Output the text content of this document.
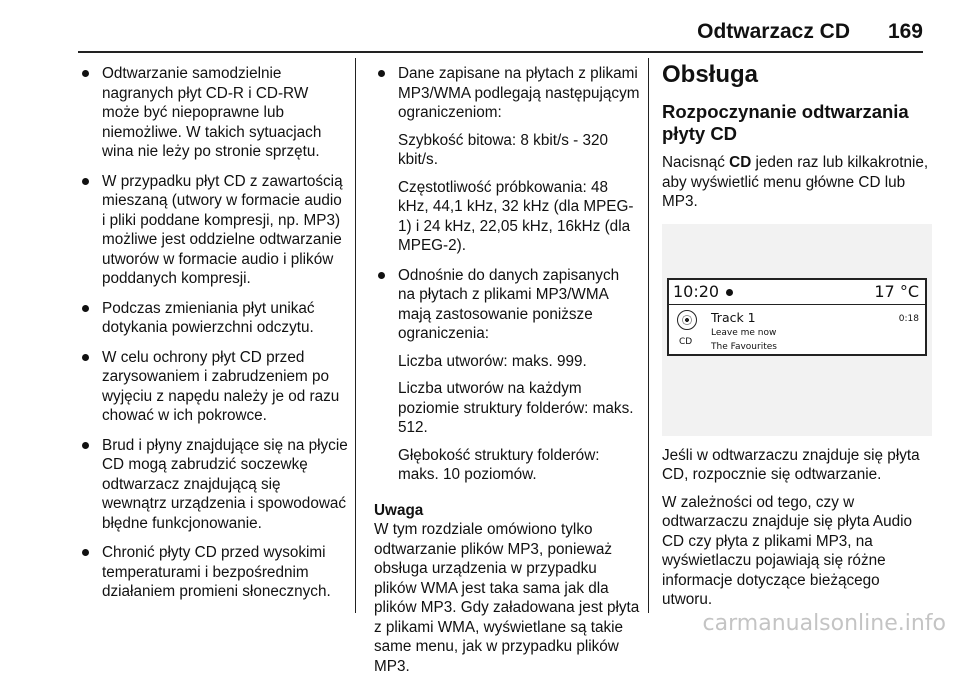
Odtwarzacz CD 169
Odtwarzanie samodzielnie nagranych płyt CD-R i CD-RW może być niepoprawne lub niemożliwe. W takich sytuacjach wina nie leży po stronie sprzętu.
W przypadku płyt CD z zawartością mieszaną (utwory w formacie audio i pliki poddane kompresji, np. MP3) możliwe jest oddzielne odtwarzanie utworów w formacie audio i plików poddanych kompresji.
Podczas zmieniania płyt unikać dotykania powierzchni odczytu.
W celu ochrony płyt CD przed zarysowaniem i zabrudzeniem po wyjęciu z napędu należy je od razu chować w ich pokrowce.
Brud i płyny znajdujące się na płycie CD mogą zabrudzić soczewkę odtwarzacz znajdującą się wewnątrz urządzenia i spowodować błędne funkcjonowanie.
Chronić płyty CD przed wysokimi temperaturami i bezpośrednim działaniem promieni słonecznych.

Dane zapisane na płytach z plikami MP3/WMA podlegają następującym ograniczeniom:

Szybkość bitowa: 8 kbit/s - 320 kbit/s.

Częstotliwość próbkowania: 48 kHz, 44,1 kHz, 32 kHz (dla MPEG-1) i 24 kHz, 22,05 kHz, 16kHz (dla MPEG-2).

Odnośnie do danych zapisanych na płytach z plikami MP3/WMA mają zastosowanie poniższe ograniczenia:

Liczba utworów: maks. 999.

Liczba utworów na każdym poziomie struktury folderów: maks. 512.

Głębokość struktury folderów: maks. 10 poziomów.

Uwaga

W tym rozdziale omówiono tylko odtwarzanie plików MP3, ponieważ obsługa urządzenia w przypadku plików WMA jest taka sama jak dla plików MP3. Gdy załadowana jest płyta z plikami WMA, wyświetlane są takie same menu, jak w przypadku plików MP3.

Obsługa

Rozpoczynanie odtwarzania płyty CD

Nacisnąć CD jeden raz lub kilkakrotnie, aby wyświetlić menu główne CD lub MP3.

10:20	17 °C
CD
Track 1
Leave me now
The Favourites
0:18

Jeśli w odtwarzaczu znajduje się płyta CD, rozpocznie się odtwarzanie.

W zależności od tego, czy w odtwarzaczu znajduje się płyta Audio CD czy płyta z plikami MP3, na wyświetlaczu pojawiają się różne informacje dotyczące bieżącego utworu.

carmanualsonline.info
